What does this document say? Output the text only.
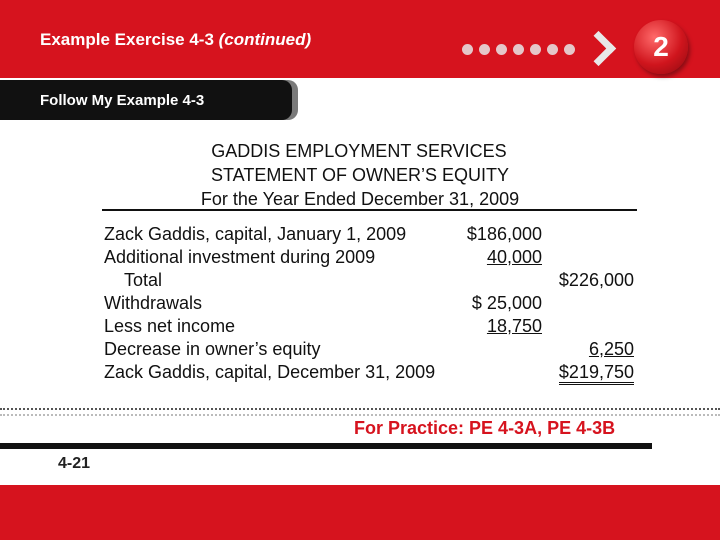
Example Exercise 4-3 (continued)	2
Follow My Example 4-3
GADDIS EMPLOYMENT SERVICES
STATEMENT OF OWNER’S EQUITY
For the Year Ended December 31, 2009
Zack Gaddis, capital, January 1, 2009
Additional investment during 2009
Total
Withdrawals
Less net income
Decrease in owner’s equity
Zack Gaddis, capital, December 31, 2009
$186,000
40,000
$ 25,000
18,750
$226,000
6,250
$219,750
For Practice: PE 4-3A, PE 4-3B
4-21
